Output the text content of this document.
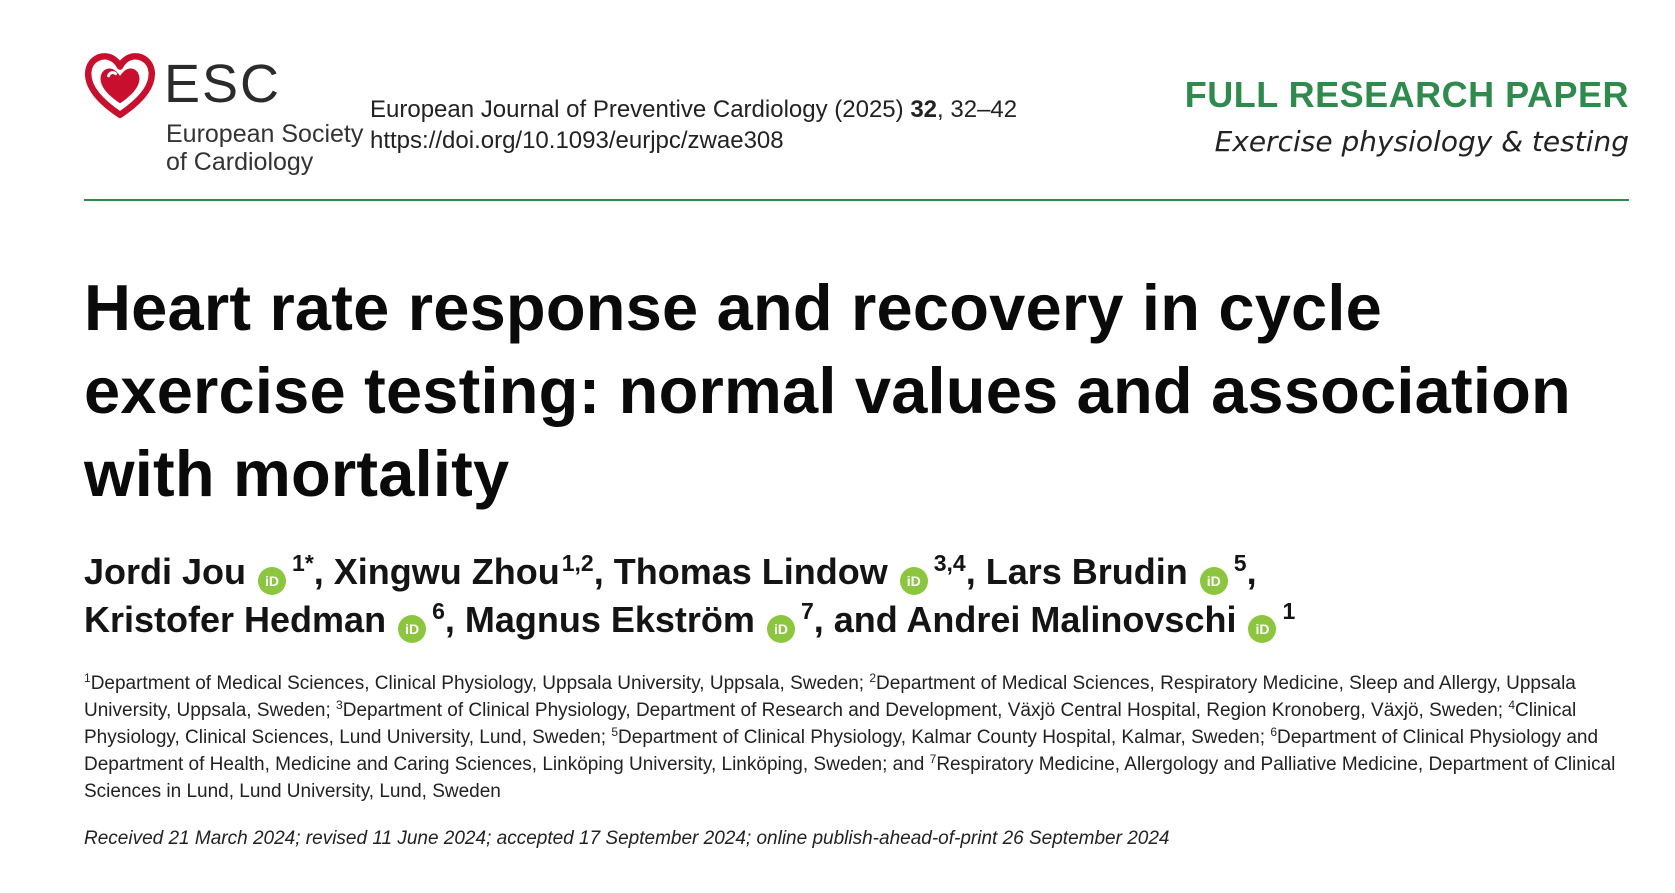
ESC
European Society
of Cardiology
European Journal of Preventive Cardiology (2025) 32, 32–42
https://doi.org/10.1093/eurjpc/zwae308
FULL RESEARCH PAPER
Exercise physiology & testing
Heart rate response and recovery in cycle exercise testing: normal values and association with mortality
Jordi Jou $iD^{1*}$, Xingwu Zhou$^{1,2}$, Thomas Lindow iD$^{3,4}$, Lars Brudin $iD^5$,
Kristofer Hedman $iD^6$, Magnus Ekström $iD^7$, and Andrei Malinovschi $iD^1$
$^1$Department of Medical Sciences, Clinical Physiology, Uppsala University, Uppsala, Sweden; $^2$Department of Medical Sciences, Respiratory Medicine, Sleep and Allergy, Uppsala University, Uppsala, Sweden; $^3$Department of Clinical Physiology, Department of Research and Development, Växjö Central Hospital, Region Kronoberg, Växjö, Sweden; $^4$Clinical Physiology, Clinical Sciences, Lund University, Lund, Sweden; $^5$Department of Clinical Physiology, Kalmar County Hospital, Kalmar, Sweden; $^6$Department of Clinical Physiology and Department of Health, Medicine and Caring Sciences, Linköping University, Linköping, Sweden; and $^7$Respiratory Medicine, Allergology and Palliative Medicine, Department of Clinical Sciences in Lund, Lund University, Lund, Sweden
Received 21 March 2024; revised 11 June 2024; accepted 17 September 2024; online publish-ahead-of-print 26 September 2024
